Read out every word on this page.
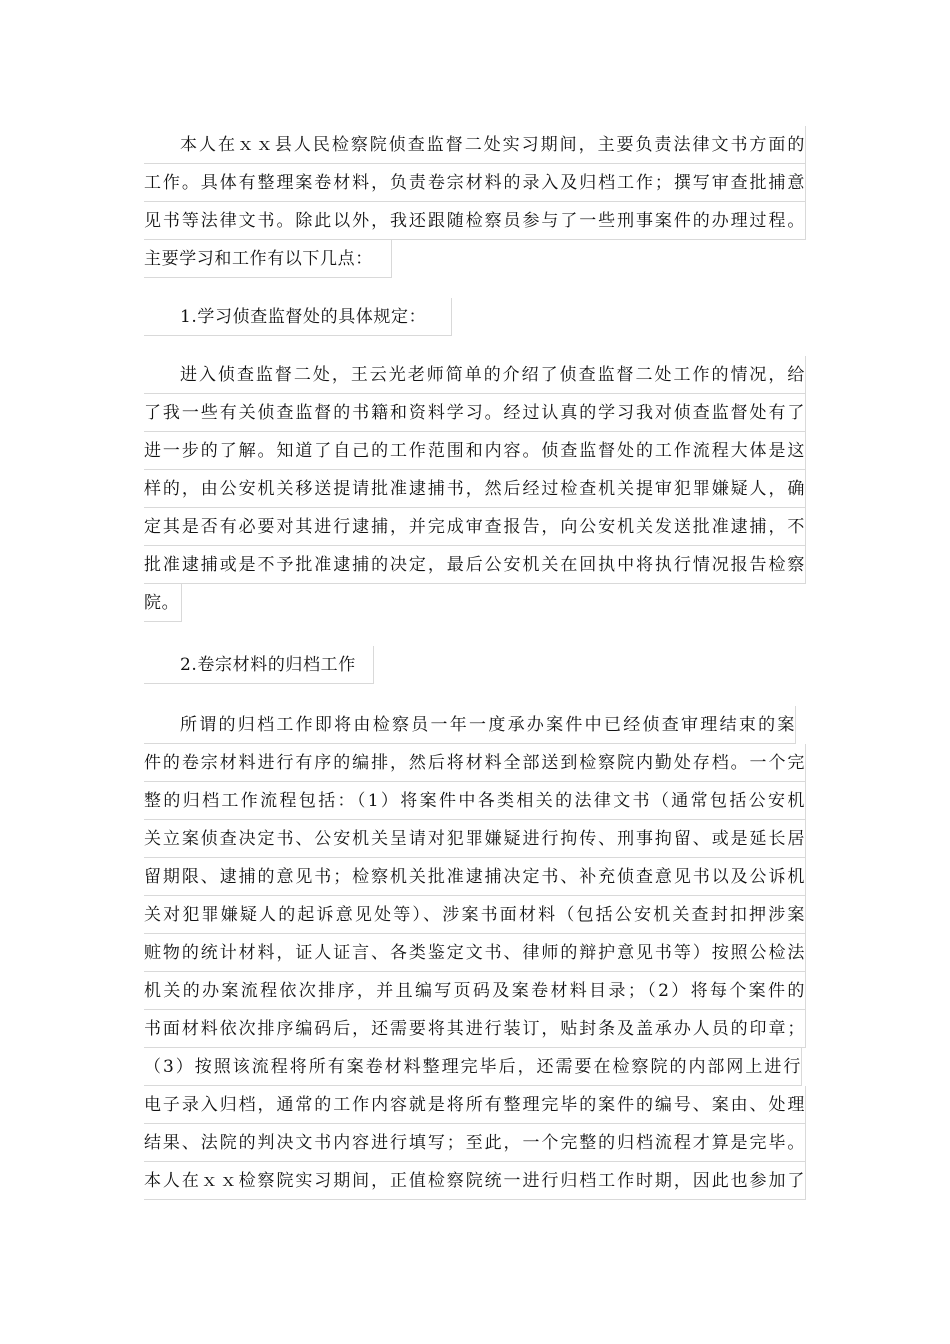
本人在ｘｘ县人民检察院侦查监督二处实习期间，主要负责法律文书方面的
工作。具体有整理案卷材料，负责卷宗材料的录入及归档工作；撰写审查批捕意
见书等法律文书。除此以外，我还跟随检察员参与了一些刑事案件的办理过程。
主要学习和工作有以下几点：
1.学习侦查监督处的具体规定：
进入侦查监督二处，王云光老师简单的介绍了侦查监督二处工作的情况，给
了我一些有关侦查监督的书籍和资料学习。经过认真的学习我对侦查监督处有了
进一步的了解。知道了自己的工作范围和内容。侦查监督处的工作流程大体是这
样的，由公安机关移送提请批准逮捕书，然后经过检查机关提审犯罪嫌疑人，确
定其是否有必要对其进行逮捕，并完成审查报告，向公安机关发送批准逮捕，不
批准逮捕或是不予批准逮捕的决定，最后公安机关在回执中将执行情况报告检察
院。
2.卷宗材料的归档工作
所谓的归档工作即将由检察员一年一度承办案件中已经侦查审理结束的案
件的卷宗材料进行有序的编排，然后将材料全部送到检察院内勤处存档。一个完
整的归档工作流程包括：（1）将案件中各类相关的法律文书（通常包括公安机
关立案侦查决定书、公安机关呈请对犯罪嫌疑进行拘传、刑事拘留、或是延长居
留期限、逮捕的意见书；检察机关批准逮捕决定书、补充侦查意见书以及公诉机
关对犯罪嫌疑人的起诉意见处等）、涉案书面材料（包括公安机关查封扣押涉案
赃物的统计材料，证人证言、各类鉴定文书、律师的辩护意见书等）按照公检法
机关的办案流程依次排序，并且编写页码及案卷材料目录；（2）将每个案件的
书面材料依次排序编码后，还需要将其进行装订，贴封条及盖承办人员的印章；
（3）按照该流程将所有案卷材料整理完毕后，还需要在检察院的内部网上进行
电子录入归档，通常的工作内容就是将所有整理完毕的案件的编号、案由、处理
结果、法院的判决文书内容进行填写；至此，一个完整的归档流程才算是完毕。
本人在ｘｘ检察院实习期间，正值检察院统一进行归档工作时期，因此也参加了
